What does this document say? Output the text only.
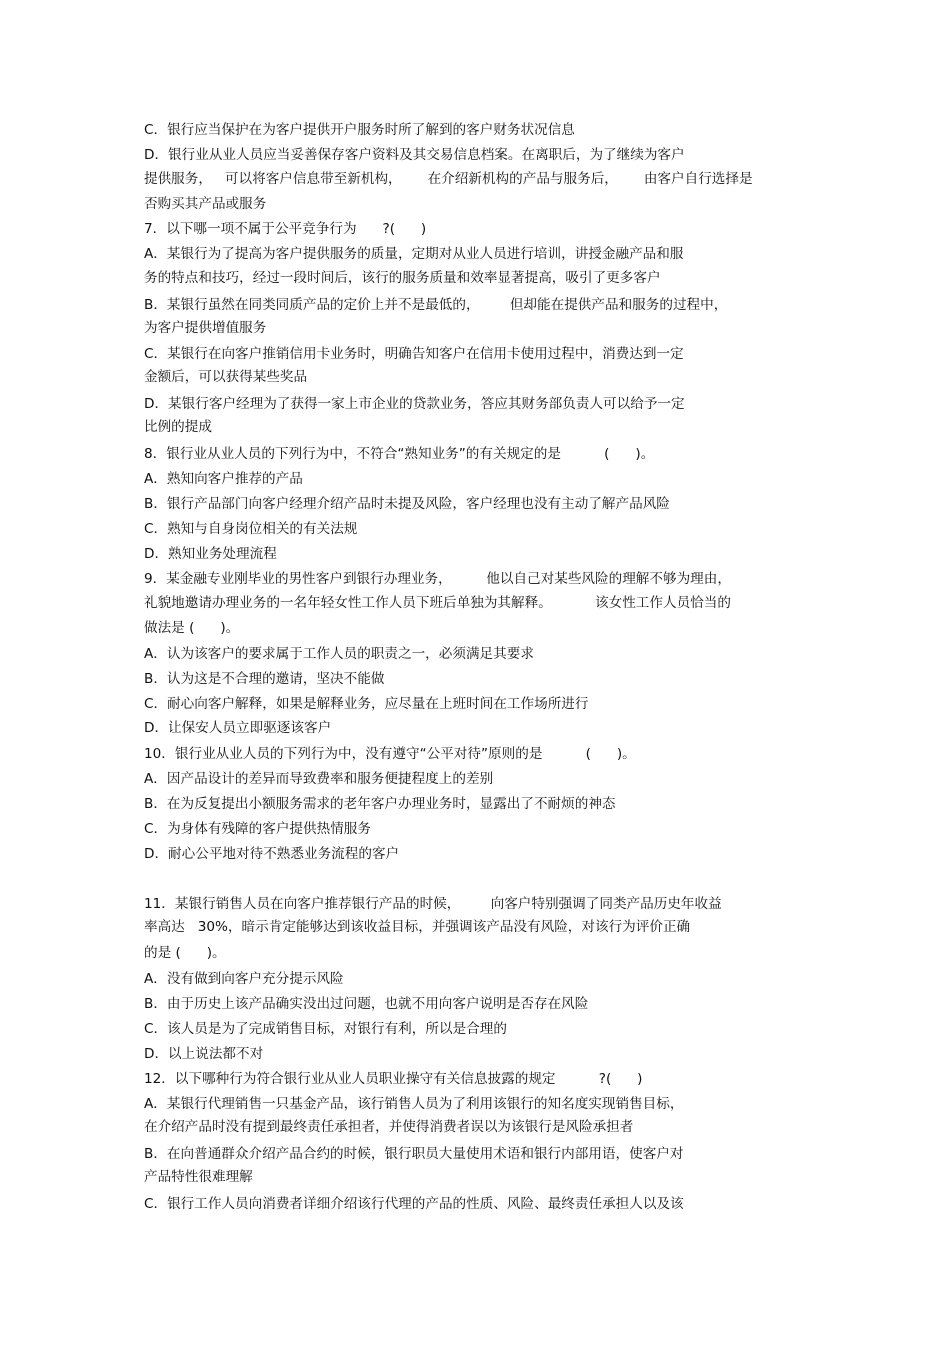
C．银行应当保护在为客户提供开户服务时所了解到的客户财务状况信息

D．银行业从业人员应当妥善保存客户资料及其交易信息档案。在离职后，为了继续为客户

提供服务，   可以将客户信息带至新机构，      在介绍新机构的产品与服务后，      由客户自行选择是

否购买其产品或服务

7．以下哪一项不属于公平竞争行为      ?(      )

A．某银行为了提高为客户提供服务的质量，定期对从业人员进行培训，讲授金融产品和服

务的特点和技巧，经过一段时间后，该行的服务质量和效率显著提高，吸引了更多客户

B．某银行虽然在同类同质产品的定价上并不是最低的，       但却能在提供产品和服务的过程中，

为客户提供增值服务

C．某银行在向客户推销信用卡业务时，明确告知客户在信用卡使用过程中，消费达到一定

金额后，可以获得某些奖品

D．某银行客户经理为了获得一家上市企业的贷款业务，答应其财务部负责人可以给予一定

比例的提成

8．银行业从业人员的下列行为中，不符合“熟知业务”的有关规定的是          (      )。

A．熟知向客户推荐的产品

B．银行产品部门向客户经理介绍产品时未提及风险，客户经理也没有主动了解产品风险

C．熟知与自身岗位相关的有关法规

D．熟知业务处理流程

9．某金融专业刚毕业的男性客户到银行办理业务，        他以自己对某些风险的理解不够为理由，

礼貌地邀请办理业务的一名年轻女性工作人员下班后单独为其解释。          该女性工作人员恰当的

做法是 (      )。

A．认为该客户的要求属于工作人员的职责之一，必须满足其要求

B．认为这是不合理的邀请，坚决不能做

C．耐心向客户解释，如果是解释业务，应尽量在上班时间在工作场所进行

D．让保安人员立即驱逐该客户

10．银行业从业人员的下列行为中，没有遵守“公平对待”原则的是          (      )。

A．因产品设计的差异而导致费率和服务便捷程度上的差别

B．在为反复提出小额服务需求的老年客户办理业务时，显露出了不耐烦的神态

C．为身体有残障的客户提供热情服务

D．耐心公平地对待不熟悉业务流程的客户

11．某银行销售人员在向客户推荐银行产品的时候，       向客户特别强调了同类产品历史年收益

率高达   30%，暗示肯定能够达到该收益目标，并强调该产品没有风险，对该行为评价正确

的是 (      )。

A．没有做到向客户充分提示风险

B．由于历史上该产品确实没出过问题，也就不用向客户说明是否存在风险

C．该人员是为了完成销售目标，对银行有利，所以是合理的

D．以上说法都不对

12．以下哪种行为符合银行业从业人员职业操守有关信息披露的规定          ?(      )

A．某银行代理销售一只基金产品，该行销售人员为了利用该银行的知名度实现销售目标，

在介绍产品时没有提到最终责任承担者，并使得消费者误以为该银行是风险承担者

B．在向普通群众介绍产品合约的时候，银行职员大量使用术语和银行内部用语，使客户对

产品特性很难理解

C．银行工作人员向消费者详细介绍该行代理的产品的性质、风险、最终责任承担人以及该
